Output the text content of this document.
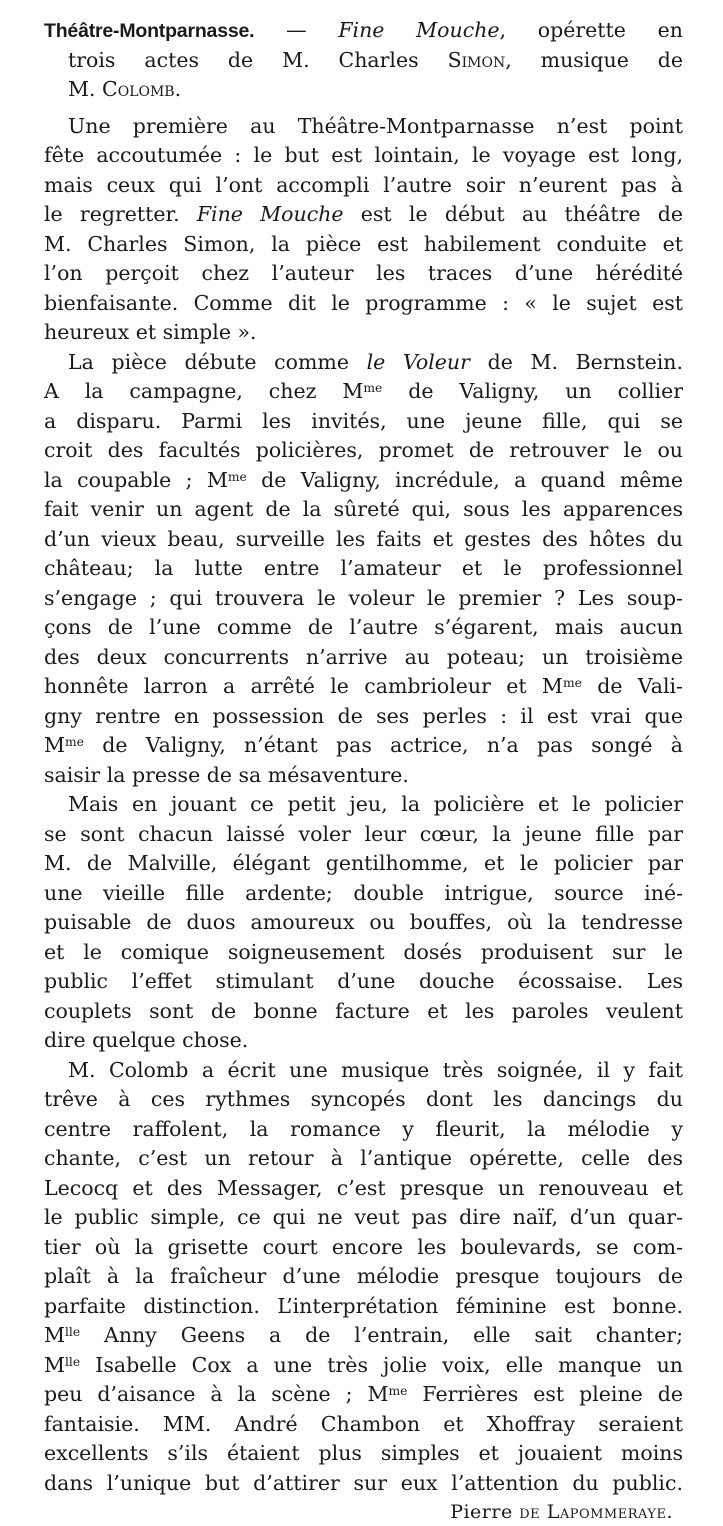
Théâtre-Montparnasse. — Fine Mouche, opérette en
trois actes de M. Charles Simon, musique de
M. Colomb.
Une première au Théâtre-Montparnasse n’est point
fête accoutumée : le but est lointain, le voyage est long,
mais ceux qui l’ont accompli l’autre soir n’eurent pas à
le regretter. Fine Mouche est le début au théâtre de
M. Charles Simon, la pièce est habilement conduite et
l’on perçoit chez l’auteur les traces d’une hérédité
bienfaisante. Comme dit le programme : « le sujet est
heureux et simple ».
La pièce débute comme le Voleur de M. Bernstein.
A la campagne, chez $M^{me}$ de Valigny, un collier
a disparu. Parmi les invités, une jeune fille, qui se
croit des facultés policières, promet de retrouver le ou
la coupable ; $M^{me}$ de Valigny, incrédule, a quand même
fait venir un agent de la sûreté qui, sous les apparences
d’un vieux beau, surveille les faits et gestes des hôtes du
château; la lutte entre l’amateur et le professionnel
s’engage ; qui trouvera le voleur le premier ? Les soup-
çons de l’une comme de l’autre s’égarent, mais aucun
des deux concurrents n’arrive au poteau; un troisième
honnête larron a arrêté le cambrioleur et $M^{me}$ de Vali-
gny rentre en possession de ses perles : il est vrai que
$M^{me}$ de Valigny, n’étant pas actrice, n’a pas songé à
saisir la presse de sa mésaventure.
Mais en jouant ce petit jeu, la policière et le policier
se sont chacun laissé voler leur cœur, la jeune fille par
M. de Malville, élégant gentilhomme, et le policier par
une vieille fille ardente; double intrigue, source iné-
puisable de duos amoureux ou bouffes, où la tendresse
et le comique soigneusement dosés produisent sur le
public l’effet stimulant d’une douche écossaise. Les
couplets sont de bonne facture et les paroles veulent
dire quelque chose.
M. Colomb a écrit une musique très soignée, il y fait
trêve à ces rythmes syncopés dont les dancings du
centre raffolent, la romance y fleurit, la mélodie y
chante, c’est un retour à l’antique opérette, celle des
Lecocq et des Messager, c’est presque un renouveau et
le public simple, ce qui ne veut pas dire naïf, d’un quar-
tier où la grisette court encore les boulevards, se com-
plaît à la fraîcheur d’une mélodie presque toujours de
parfaite distinction. L’interprétation féminine est bonne.
$M^{lle}$ Anny Geens a de l’entrain, elle sait chanter;
$M^{lle}$ Isabelle Cox a une très jolie voix, elle manque un
peu d’aisance à la scène ; $M^{me}$ Ferrières est pleine de
fantaisie. MM. André Chambon et Xhoffray seraient
excellents s’ils étaient plus simples et jouaient moins
dans l’unique but d’attirer sur eux l’attention du public.
Pierre de Lapommeraye.
